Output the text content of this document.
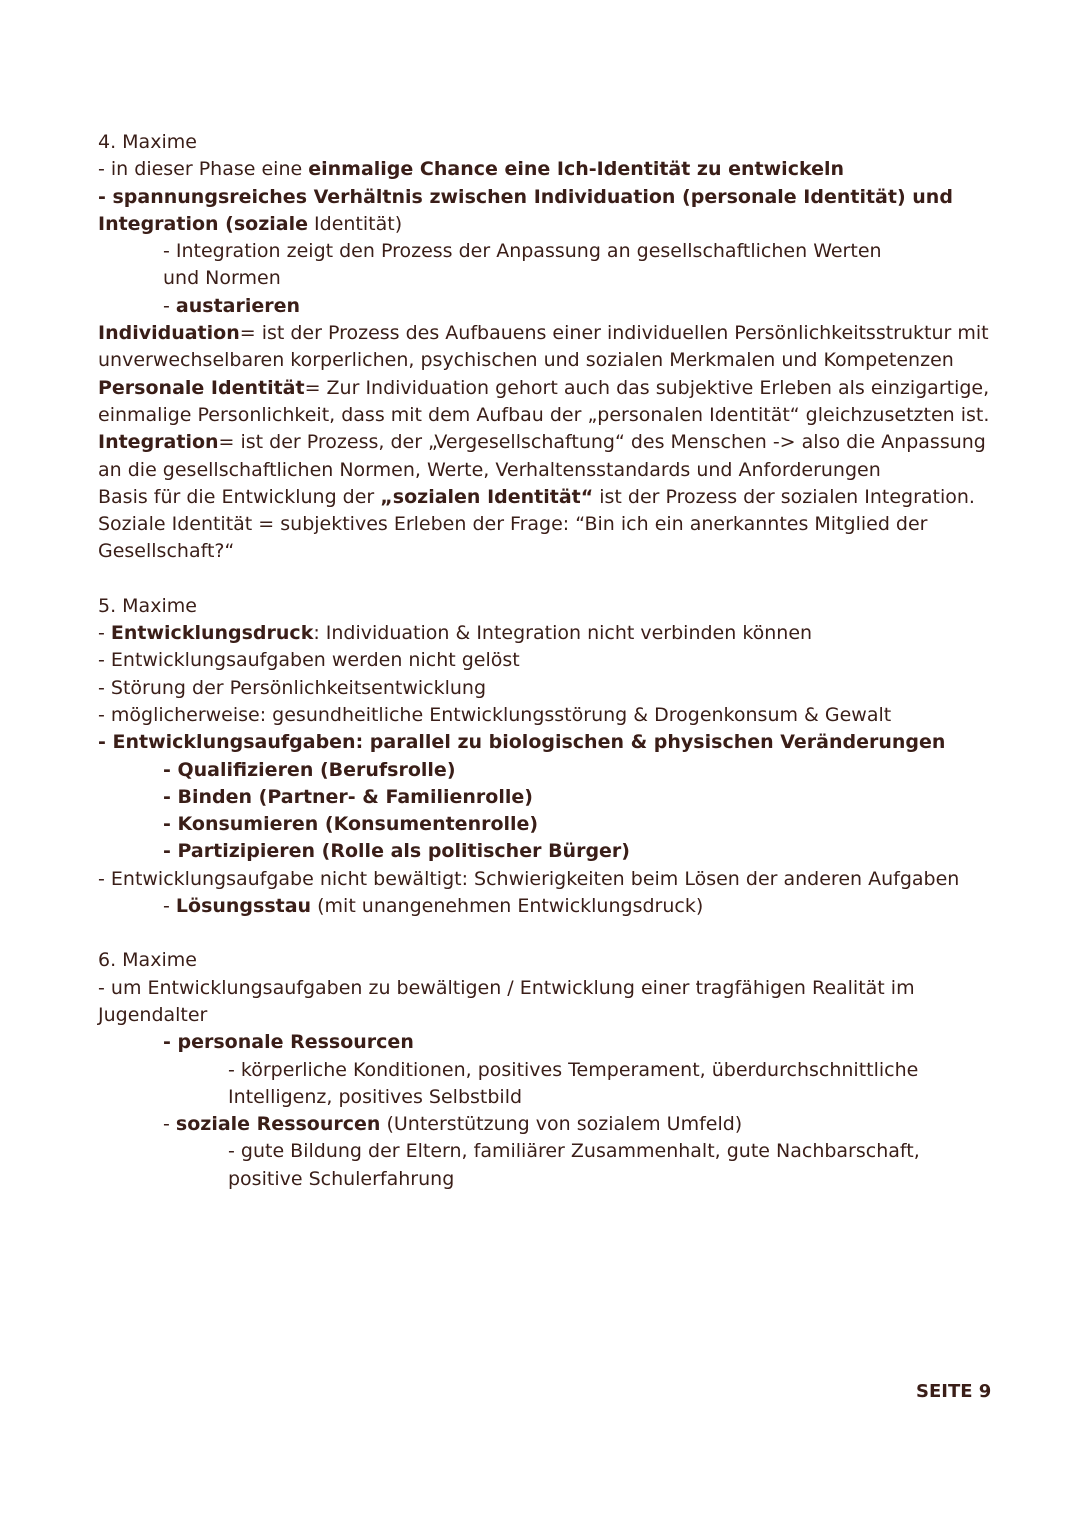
4. Maxime

- in dieser Phase eine einmalige Chance eine Ich-Identität zu entwickeln

- spannungsreiches Verhältnis zwischen Individuation (personale Identität) und Integration (soziale Identität)

- Integration zeigt den Prozess der Anpassung an gesellschaftlichen Werten und Normen

- austarieren

Individuation= ist der Prozess des Aufbauens einer individuellen Persönlichkeitsstruktur mit unverwechselbaren korperlichen, psychischen und sozialen Merkmalen und Kompetenzen

Personale Identität= Zur Individuation gehort auch das subjektive Erleben als einzigartige, einmalige Personlichkeit, dass mit dem Aufbau der „personalen Identität“ gleichzusetzten ist.

Integration= ist der Prozess, der „Vergesellschaftung“ des Menschen -> also die Anpassung an die gesellschaftlichen Normen, Werte, Verhaltensstandards und Anforderungen

Basis für die Entwicklung der „sozialen Identität“ ist der Prozess der sozialen Integration.

Soziale Identität = subjektives Erleben der Frage: “Bin ich ein anerkanntes Mitglied der Gesellschaft?“

5. Maxime

- Entwicklungsdruck: Individuation & Integration nicht verbinden können

- Entwicklungsaufgaben werden nicht gelöst

- Störung der Persönlichkeitsentwicklung

- möglicherweise: gesundheitliche Entwicklungsstörung & Drogenkonsum & Gewalt

- Entwicklungsaufgaben: parallel zu biologischen & physischen Veränderungen

- Qualifizieren (Berufsrolle)

- Binden (Partner- & Familienrolle)

- Konsumieren (Konsumentenrolle)

- Partizipieren (Rolle als politischer Bürger)

- Entwicklungsaufgabe nicht bewältigt: Schwierigkeiten beim Lösen der anderen Aufgaben

- Lösungsstau (mit unangenehmen Entwicklungsdruck)

6. Maxime

- um Entwicklungsaufgaben zu bewältigen / Entwicklung einer tragfähigen Realität im Jugendalter

- personale Ressourcen

- körperliche Konditionen, positives Temperament, überdurchschnittliche Intelligenz, positives Selbstbild

- soziale Ressourcen (Unterstützung von sozialem Umfeld)

- gute Bildung der Eltern, familiärer Zusammenhalt, gute Nachbarschaft, positive Schulerfahrung

SEITE 9
